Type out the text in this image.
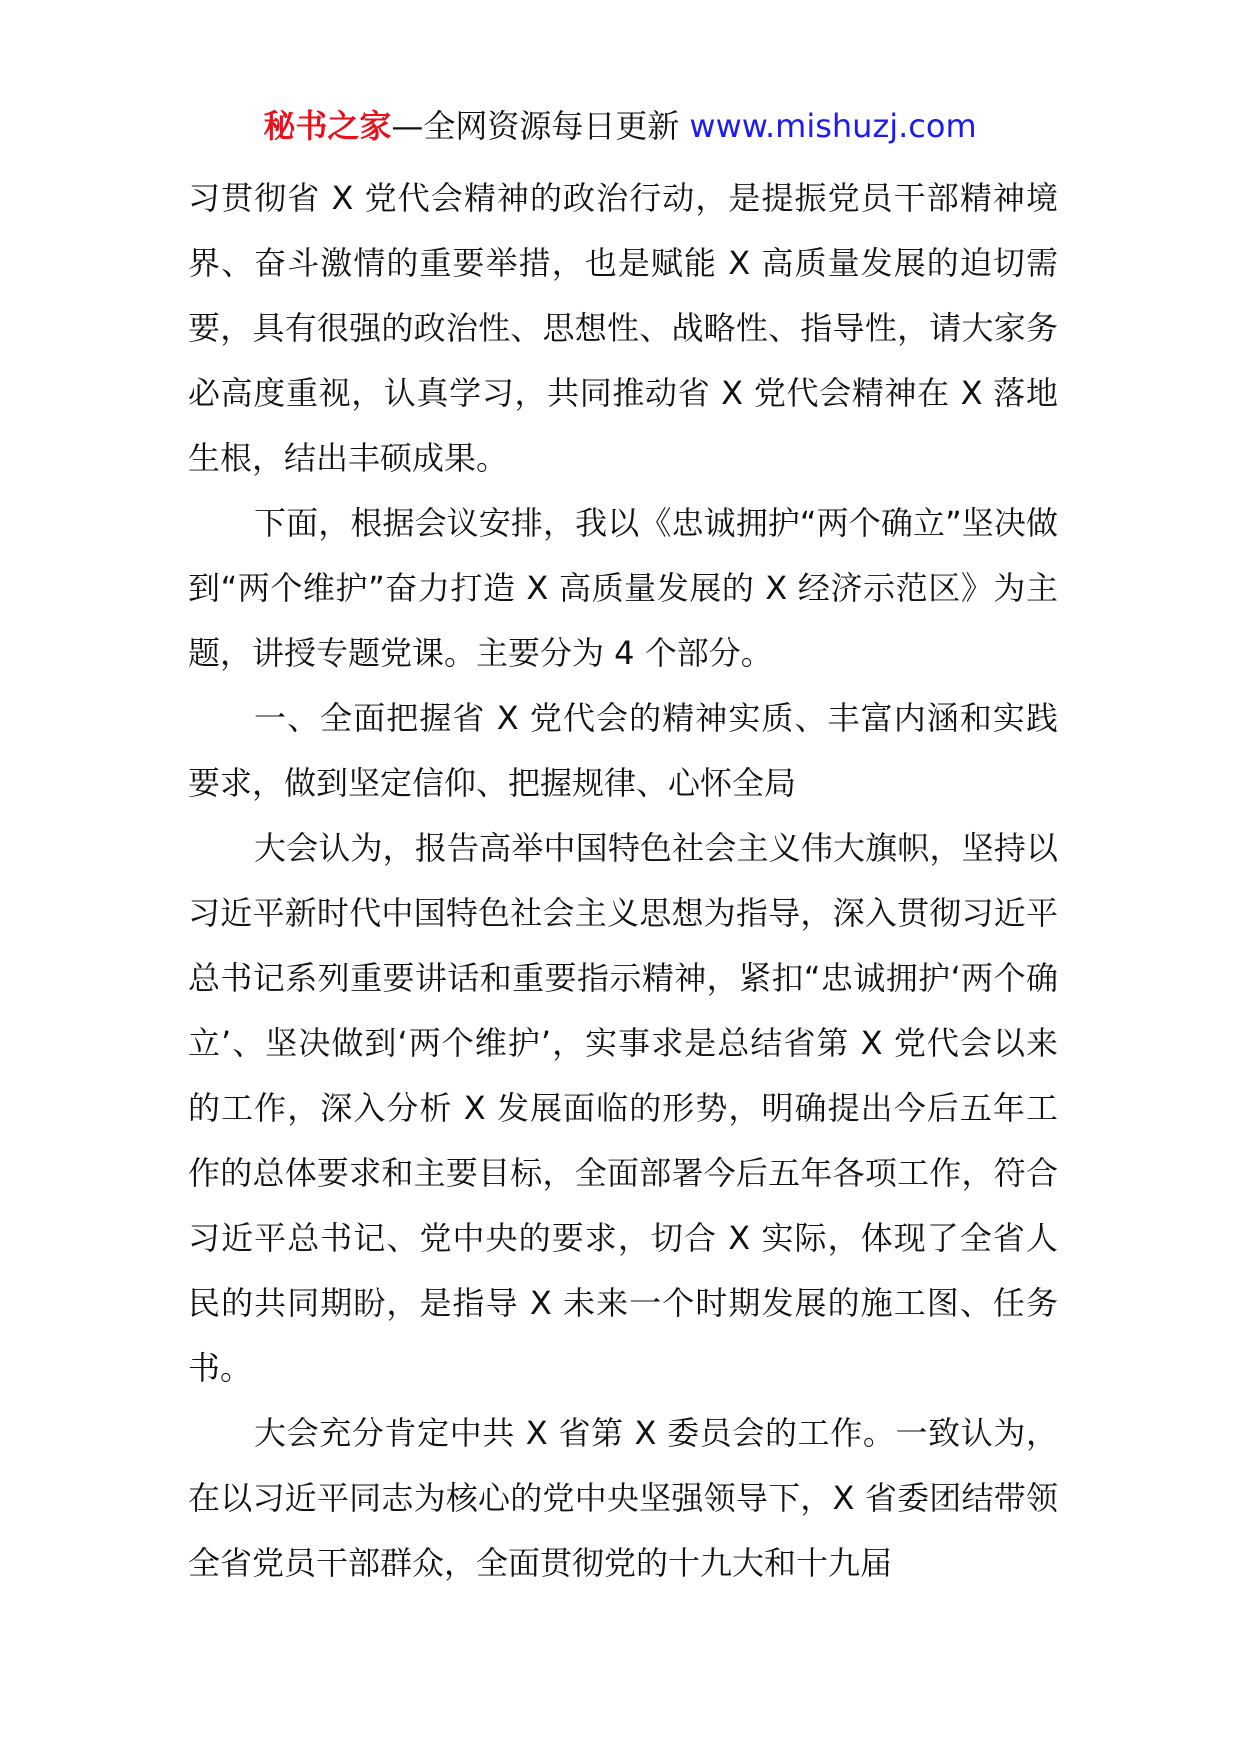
秘书之家—全网资源每日更新 www.mishuzj.com

习贯彻省 X 党代会精神的政治行动，是提振党员干部精神境界、奋斗激情的重要举措，也是赋能 X 高质量发展的迫切需要，具有很强的政治性、思想性、战略性、指导性，请大家务必高度重视，认真学习，共同推动省 X 党代会精神在 X 落地生根，结出丰硕成果。

下面，根据会议安排，我以《忠诚拥护“两个确立”坚决做到“两个维护”奋力打造 X 高质量发展的 X 经济示范区》为主题，讲授专题党课。主要分为 4 个部分。

一、全面把握省 X 党代会的精神实质、丰富内涵和实践要求，做到坚定信仰、把握规律、心怀全局

大会认为，报告高举中国特色社会主义伟大旗帜，坚持以习近平新时代中国特色社会主义思想为指导，深入贯彻习近平总书记系列重要讲话和重要指示精神，紧扣“忠诚拥护‘两个确立’、坚决做到‘两个维护’，实事求是总结省第 X 党代会以来的工作，深入分析 X 发展面临的形势，明确提出今后五年工作的总体要求和主要目标，全面部署今后五年各项工作，符合习近平总书记、党中央的要求，切合 X 实际，体现了全省人民的共同期盼，是指导 X 未来一个时期发展的施工图、任务书。

大会充分肯定中共 X 省第 X 委员会的工作。一致认为，在以习近平同志为核心的党中央坚强领导下，X 省委团结带领全省党员干部群众，全面贯彻党的十九大和十九届
